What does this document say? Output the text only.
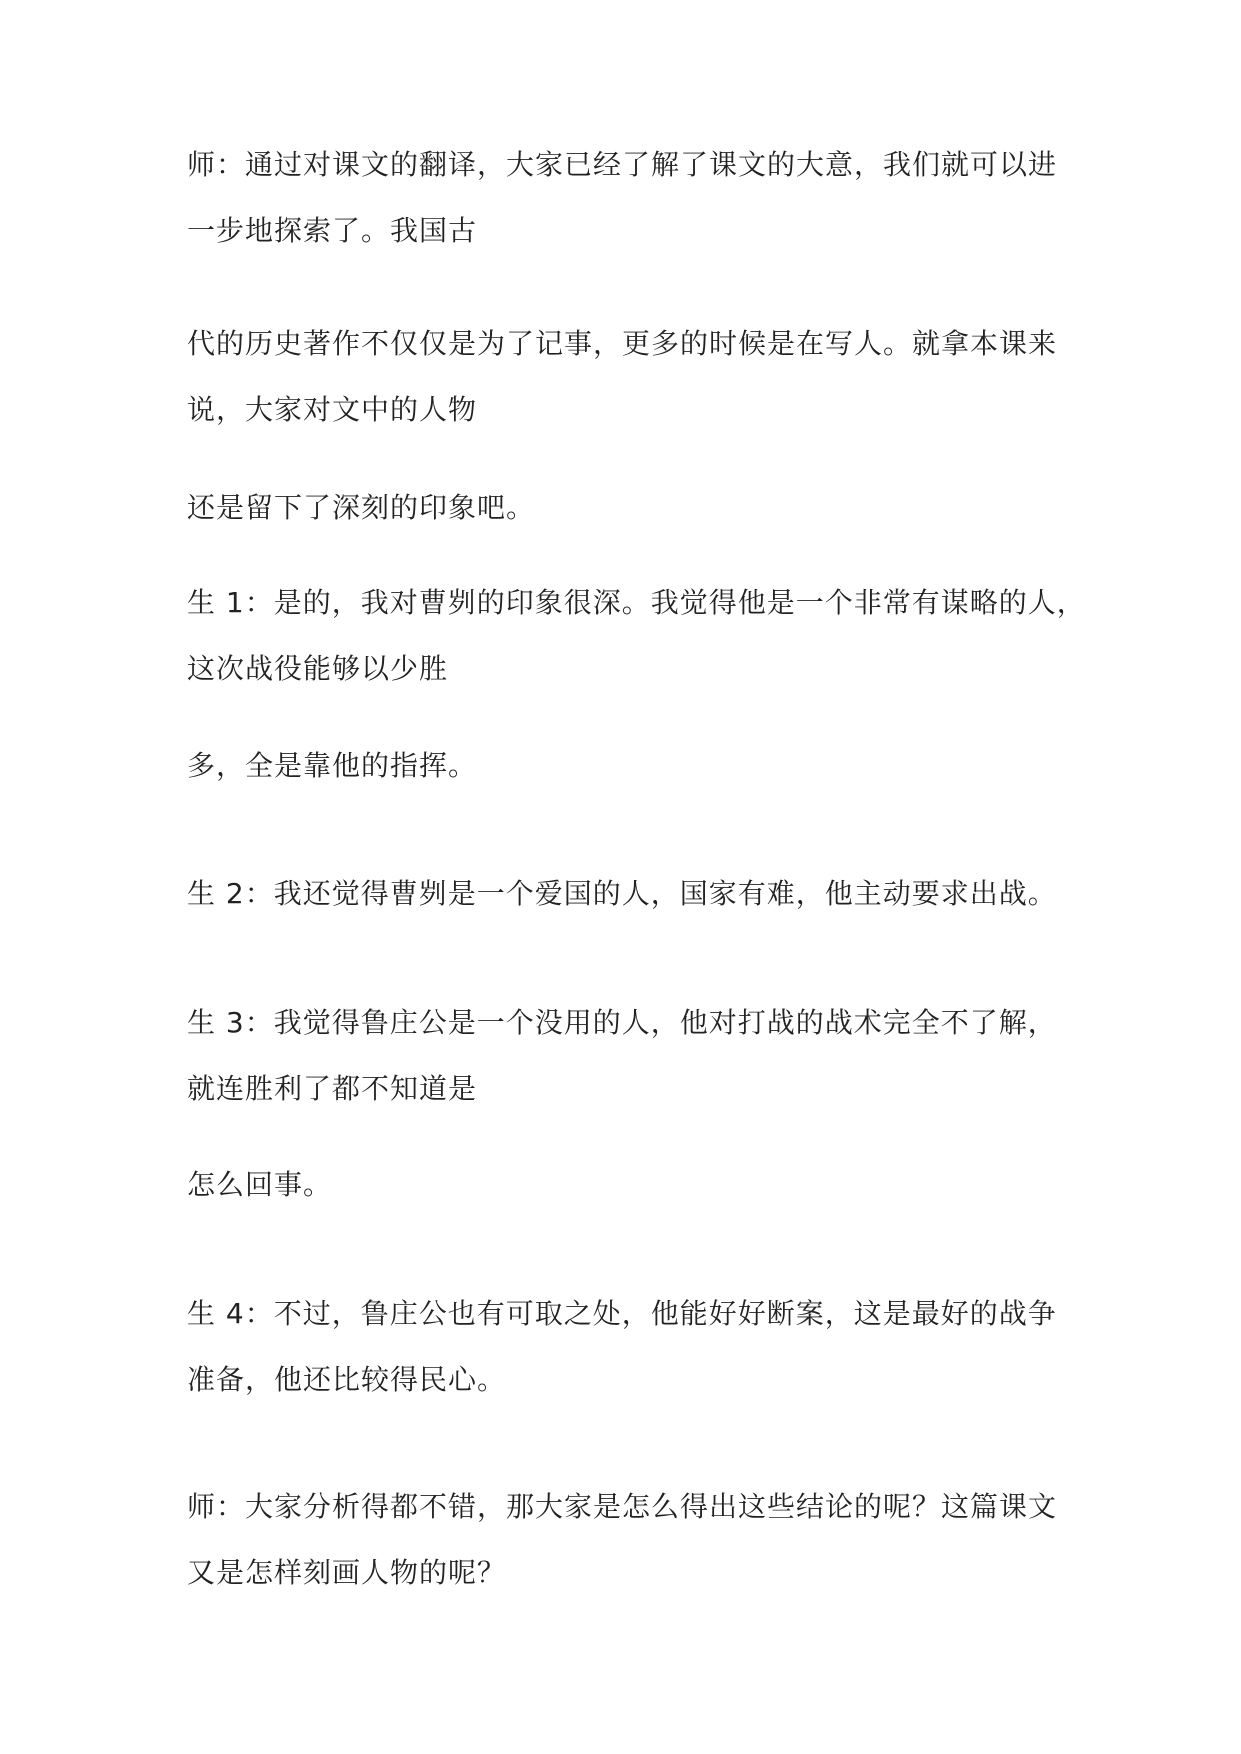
师：通过对课文的翻译，大家已经了解了课文的大意，我们就可以进
一步地探索了。我国古

代的历史著作不仅仅是为了记事，更多的时候是在写人。就拿本课来
说，大家对文中的人物

还是留下了深刻的印象吧。

生 1：是的，我对曹刿的印象很深。我觉得他是一个非常有谋略的人，
这次战役能够以少胜

多，全是靠他的指挥。

生 2：我还觉得曹刿是一个爱国的人，国家有难，他主动要求出战。

生 3：我觉得鲁庄公是一个没用的人，他对打战的战术完全不了解，
就连胜利了都不知道是

怎么回事。

生 4：不过，鲁庄公也有可取之处，他能好好断案，这是最好的战争
准备，他还比较得民心。

师：大家分析得都不错，那大家是怎么得出这些结论的呢？这篇课文
又是怎样刻画人物的呢？
